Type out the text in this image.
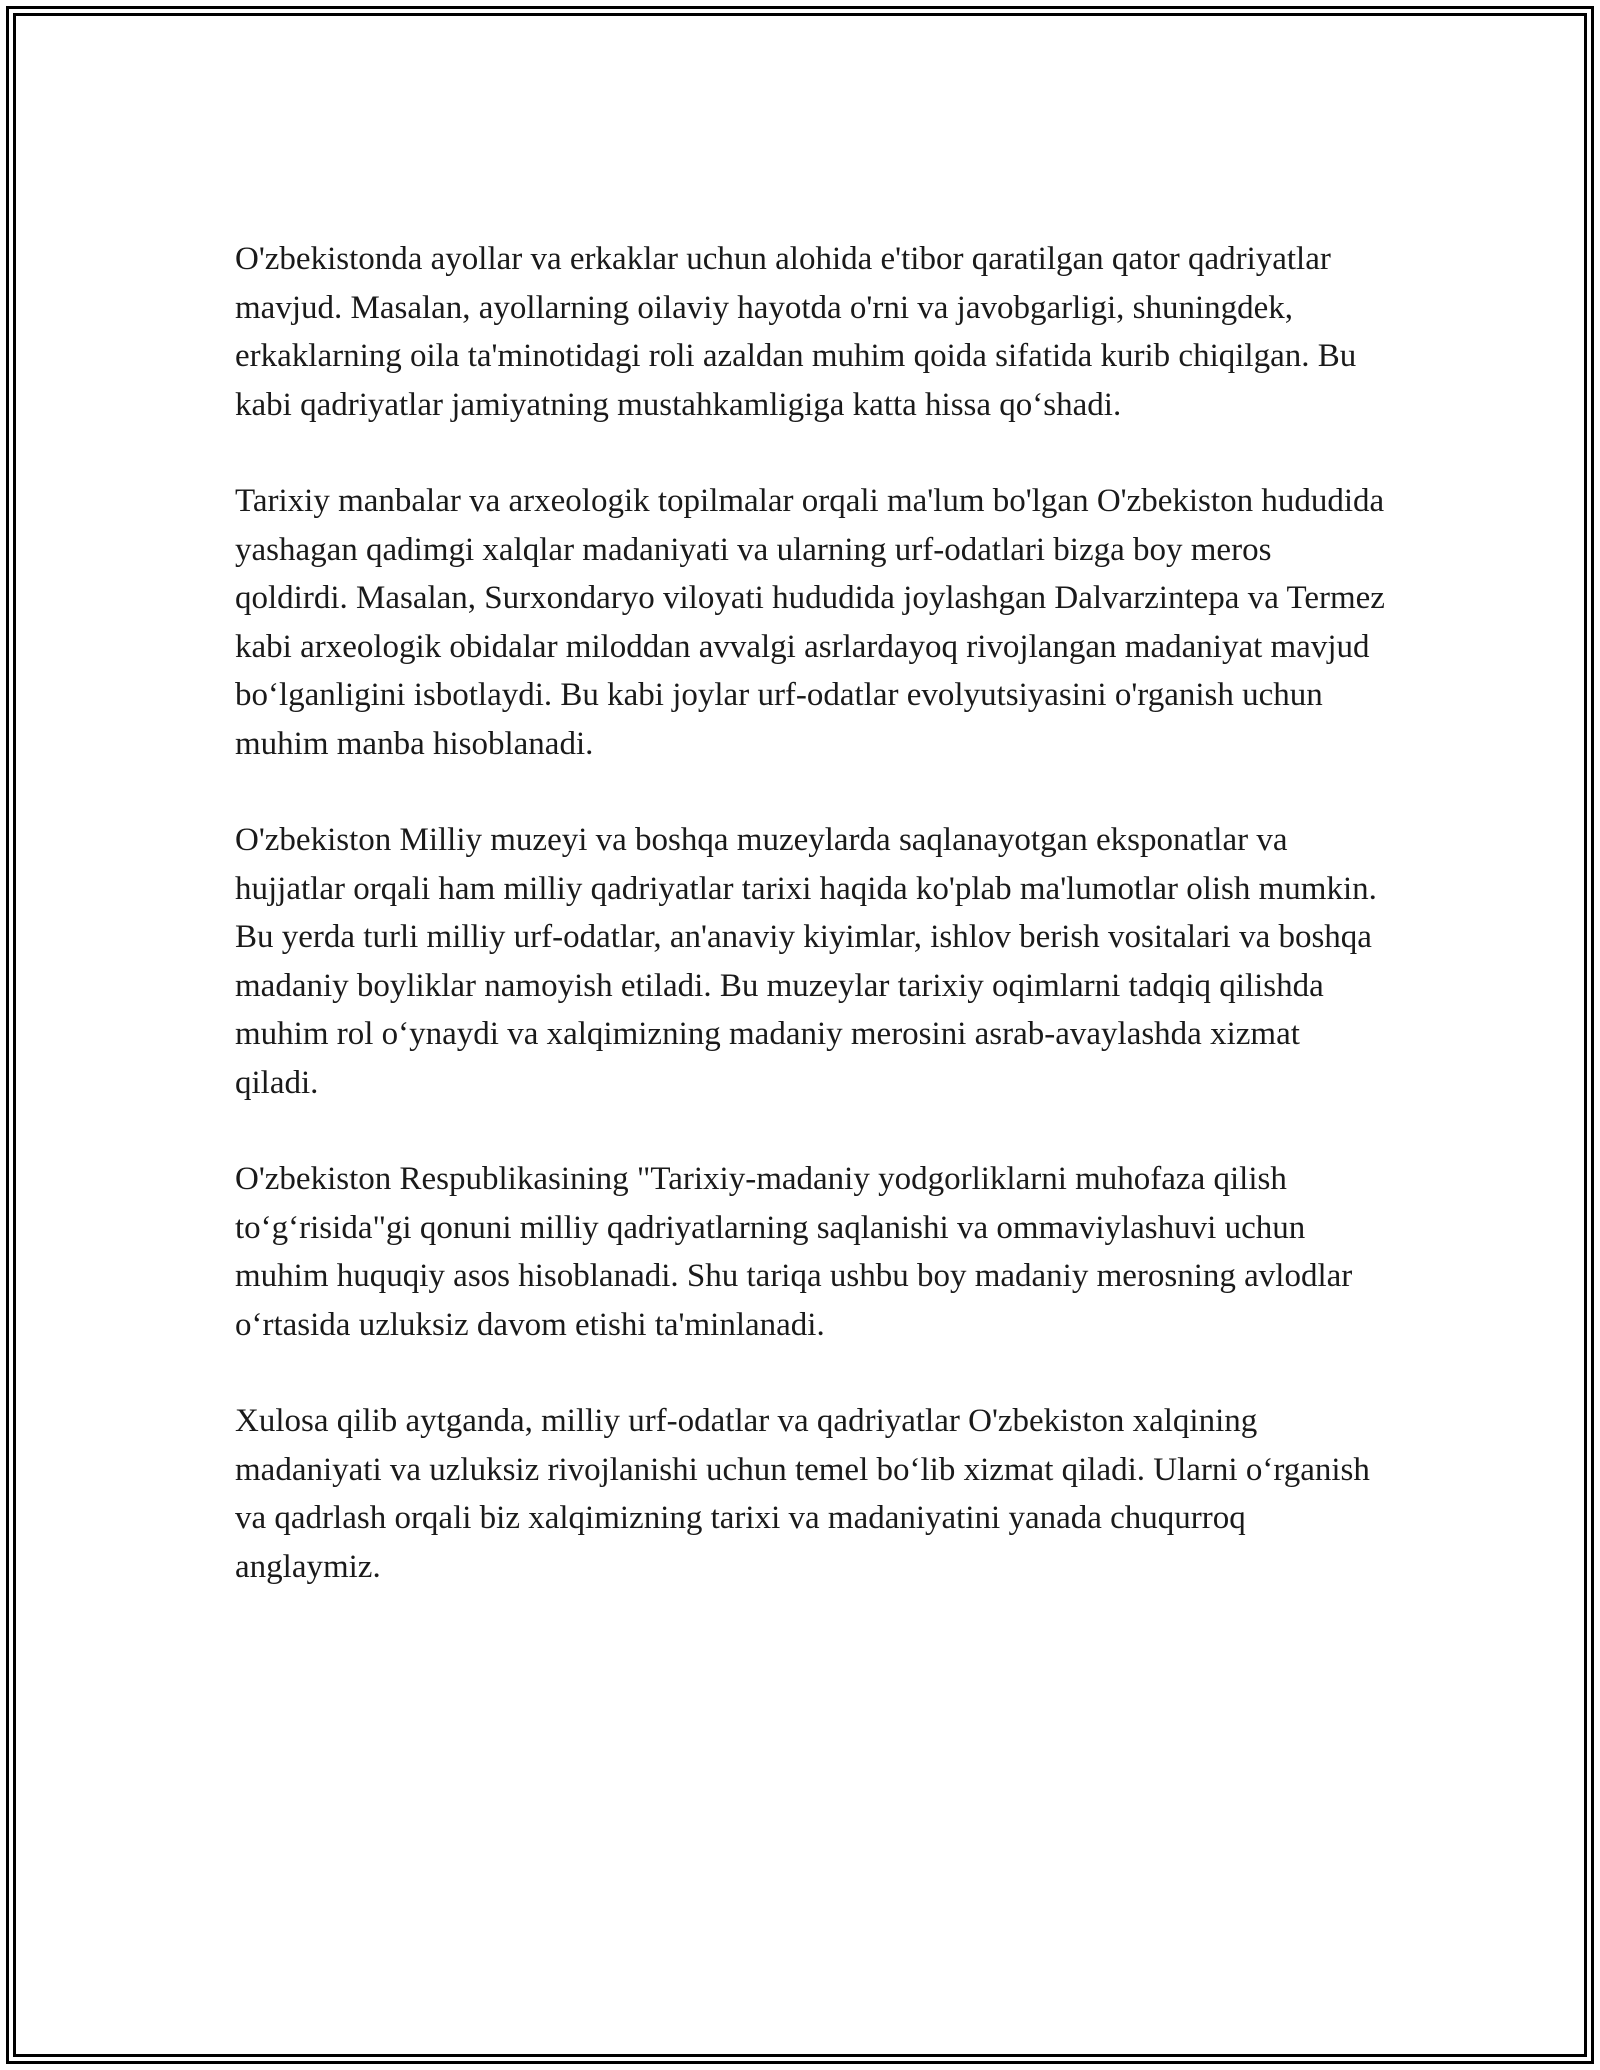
O'zbekistonda ayollar va erkaklar uchun alohida e'tibor qaratilgan qator qadriyatlar mavjud. Masalan, ayollarning oilaviy hayotda o'rni va javobgarligi, shuningdek, erkaklarning oila ta'minotidagi roli azaldan muhim qoida sifatida kurib chiqilgan. Bu kabi qadriyatlar jamiyatning mustahkamligiga katta hissa qo‘shadi.

Tarixiy manbalar va arxeologik topilmalar orqali ma'lum bo'lgan O'zbekiston hududida yashagan qadimgi xalqlar madaniyati va ularning urf-odatlari bizga boy meros qoldirdi. Masalan, Surxondaryo viloyati hududida joylashgan Dalvarzintepa va Termez kabi arxeologik obidalar miloddan avvalgi asrlardayoq rivojlangan madaniyat mavjud bo‘lganligini isbotlaydi. Bu kabi joylar urf-odatlar evolyutsiyasini o'rganish uchun muhim manba hisoblanadi.

O'zbekiston Milliy muzeyi va boshqa muzeylarda saqlanayotgan eksponatlar va hujjatlar orqali ham milliy qadriyatlar tarixi haqida ko'plab ma'lumotlar olish mumkin. Bu yerda turli milliy urf-odatlar, an'anaviy kiyimlar, ishlov berish vositalari va boshqa madaniy boyliklar namoyish etiladi. Bu muzeylar tarixiy oqimlarni tadqiq qilishda muhim rol o‘ynaydi va xalqimizning madaniy merosini asrab-avaylashda xizmat qiladi.

O'zbekiston Respublikasining "Tarixiy-madaniy yodgorliklarni muhofaza qilish to‘g‘risida"gi qonuni milliy qadriyatlarning saqlanishi va ommaviylashuvi uchun muhim huquqiy asos hisoblanadi. Shu tariqa ushbu boy madaniy merosning avlodlar o‘rtasida uzluksiz davom etishi ta'minlanadi.

Xulosa qilib aytganda, milliy urf-odatlar va qadriyatlar O'zbekiston xalqining madaniyati va uzluksiz rivojlanishi uchun temel bo‘lib xizmat qiladi. Ularni o‘rganish va qadrlash orqali biz xalqimizning tarixi va madaniyatini yanada chuqurroq anglaymiz.
